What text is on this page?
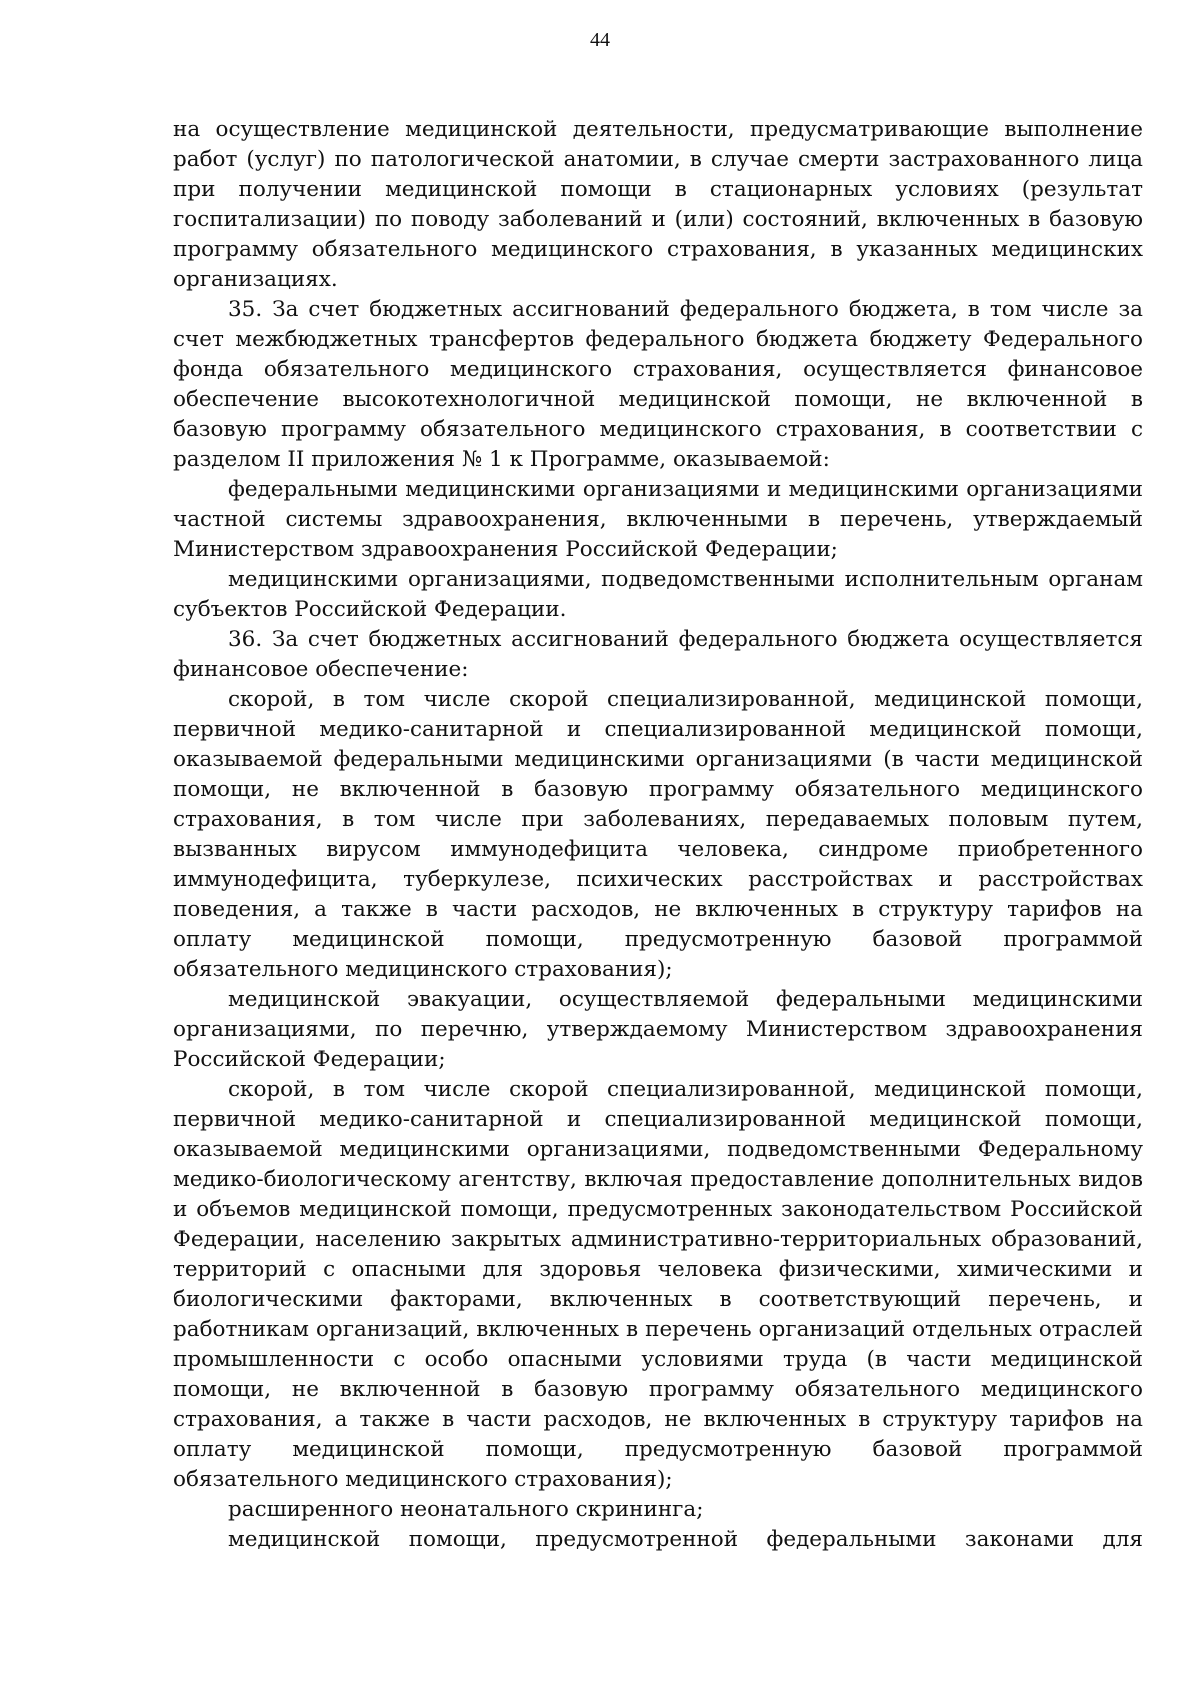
44

на осуществление медицинской деятельности, предусматривающие выполнение работ (услуг) по патологической анатомии, в случае смерти застрахованного лица при получении медицинской помощи в стационарных условиях (результат госпитализации) по поводу заболеваний и (или) состояний, включенных в базовую программу обязательного медицинского страхования, в указанных медицинских организациях.

35. За счет бюджетных ассигнований федерального бюджета, в том числе за счет межбюджетных трансфертов федерального бюджета бюджету Федерального фонда обязательного медицинского страхования, осуществляется финансовое обеспечение высокотехнологичной медицинской помощи, не включенной в базовую программу обязательного медицинского страхования, в соответствии с разделом II приложения № 1 к Программе, оказываемой:

федеральными медицинскими организациями и медицинскими организациями частной системы здравоохранения, включенными в перечень, утверждаемый Министерством здравоохранения Российской Федерации;

медицинскими организациями, подведомственными исполнительным органам субъектов Российской Федерации.

36. За счет бюджетных ассигнований федерального бюджета осуществляется финансовое обеспечение:

скорой, в том числе скорой специализированной, медицинской помощи, первичной медико-санитарной и специализированной медицинской помощи, оказываемой федеральными медицинскими организациями (в части медицинской помощи, не включенной в базовую программу обязательного медицинского страхования, в том числе при заболеваниях, передаваемых половым путем, вызванных вирусом иммунодефицита человека, синдроме приобретенного иммунодефицита, туберкулезе, психических расстройствах и расстройствах поведения, а также в части расходов, не включенных в структуру тарифов на оплату медицинской помощи, предусмотренную базовой программой обязательного медицинского страхования);

медицинской эвакуации, осуществляемой федеральными медицинскими организациями, по перечню, утверждаемому Министерством здравоохранения Российской Федерации;

скорой, в том числе скорой специализированной, медицинской помощи, первичной медико-санитарной и специализированной медицинской помощи, оказываемой медицинскими организациями, подведомственными Федеральному медико-биологическому агентству, включая предоставление дополнительных видов и объемов медицинской помощи, предусмотренных законодательством Российской Федерации, населению закрытых административно-территориальных образований, территорий с опасными для здоровья человека физическими, химическими и биологическими факторами, включенных в соответствующий перечень, и работникам организаций, включенных в перечень организаций отдельных отраслей промышленности с особо опасными условиями труда (в части медицинской помощи, не включенной в базовую программу обязательного медицинского страхования, а также в части расходов, не включенных в структуру тарифов на оплату медицинской помощи, предусмотренную базовой программой обязательного медицинского страхования);

расширенного неонатального скрининга;

медицинской помощи, предусмотренной федеральными законами для
